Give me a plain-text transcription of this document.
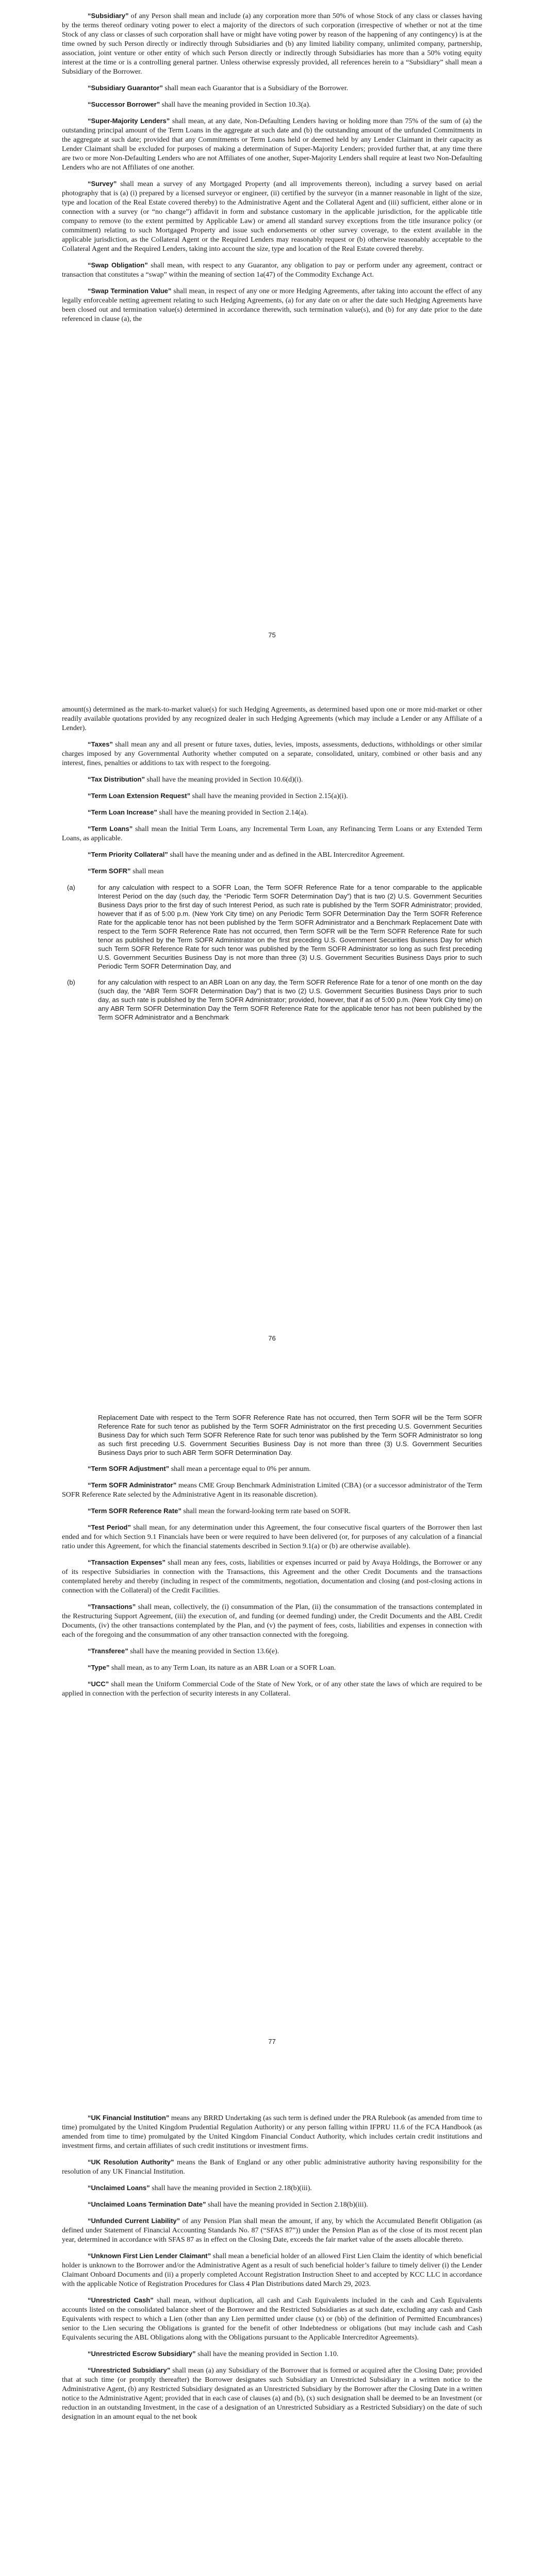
“Subsidiary” of any Person shall mean and include (a) any corporation more than 50% of whose Stock of any class or classes having by the terms thereof ordinary voting power to elect a majority of the directors of such corporation (irrespective of whether or not at the time Stock of any class or classes of such corporation shall have or might have voting power by reason of the happening of any contingency) is at the time owned by such Person directly or indirectly through Subsidiaries and (b) any limited liability company, unlimited company, partnership, association, joint venture or other entity of which such Person directly or indirectly through Subsidiaries has more than a 50% voting equity interest at the time or is a controlling general partner. Unless otherwise expressly provided, all references herein to a “Subsidiary” shall mean a Subsidiary of the Borrower.

“Subsidiary Guarantor” shall mean each Guarantor that is a Subsidiary of the Borrower.

“Successor Borrower” shall have the meaning provided in Section 10.3(a).

“Super-Majority Lenders” shall mean, at any date, Non-Defaulting Lenders having or holding more than 75% of the sum of (a) the outstanding principal amount of the Term Loans in the aggregate at such date and (b) the outstanding amount of the unfunded Commitments in the aggregate at such date; provided that any Commitments or Term Loans held or deemed held by any Lender Claimant in their capacity as Lender Claimant shall be excluded for purposes of making a determination of Super-Majority Lenders; provided further that, at any time there are two or more Non-Defaulting Lenders who are not Affiliates of one another, Super-Majority Lenders shall require at least two Non-Defaulting Lenders who are not Affiliates of one another.

“Survey” shall mean a survey of any Mortgaged Property (and all improvements thereon), including a survey based on aerial photography that is (a) (i) prepared by a licensed surveyor or engineer, (ii) certified by the surveyor (in a manner reasonable in light of the size, type and location of the Real Estate covered thereby) to the Administrative Agent and the Collateral Agent and (iii) sufficient, either alone or in connection with a survey (or “no change”) affidavit in form and substance customary in the applicable jurisdiction, for the applicable title company to remove (to the extent permitted by Applicable Law) or amend all standard survey exceptions from the title insurance policy (or commitment) relating to such Mortgaged Property and issue such endorsements or other survey coverage, to the extent available in the applicable jurisdiction, as the Collateral Agent or the Required Lenders may reasonably request or (b) otherwise reasonably acceptable to the Collateral Agent and the Required Lenders, taking into account the size, type and location of the Real Estate covered thereby.

“Swap Obligation” shall mean, with respect to any Guarantor, any obligation to pay or perform under any agreement, contract or transaction that constitutes a “swap” within the meaning of section 1a(47) of the Commodity Exchange Act.

“Swap Termination Value” shall mean, in respect of any one or more Hedging Agreements, after taking into account the effect of any legally enforceable netting agreement relating to such Hedging Agreements, (a) for any date on or after the date such Hedging Agreements have been closed out and termination value(s) determined in accordance therewith, such termination value(s), and (b) for any date prior to the date referenced in clause (a), the

75

amount(s) determined as the mark-to-market value(s) for such Hedging Agreements, as determined based upon one or more mid-market or other readily available quotations provided by any recognized dealer in such Hedging Agreements (which may include a Lender or any Affiliate of a Lender).

“Taxes” shall mean any and all present or future taxes, duties, levies, imposts, assessments, deductions, withholdings or other similar charges imposed by any Governmental Authority whether computed on a separate, consolidated, unitary, combined or other basis and any interest, fines, penalties or additions to tax with respect to the foregoing.

“Tax Distribution” shall have the meaning provided in Section 10.6(d)(i).

“Term Loan Extension Request” shall have the meaning provided in Section 2.15(a)(i).

“Term Loan Increase” shall have the meaning provided in Section 2.14(a).

“Term Loans” shall mean the Initial Term Loans, any Incremental Term Loan, any Refinancing Term Loans or any Extended Term Loans, as applicable.

“Term Priority Collateral” shall have the meaning under and as defined in the ABL Intercreditor Agreement.

“Term SOFR” shall mean

(a)	for any calculation with respect to a SOFR Loan, the Term SOFR Reference Rate for a tenor comparable to the applicable Interest Period on the day (such day, the “Periodic Term SOFR Determination Day”) that is two (2) U.S. Government Securities Business Days prior to the first day of such Interest Period, as such rate is published by the Term SOFR Administrator; provided, however that if as of 5:00 p.m. (New York City time) on any Periodic Term SOFR Determination Day the Term SOFR Reference Rate for the applicable tenor has not been published by the Term SOFR Administrator and a Benchmark Replacement Date with respect to the Term SOFR Reference Rate has not occurred, then Term SOFR will be the Term SOFR Reference Rate for such tenor as published by the Term SOFR Administrator on the first preceding U.S. Government Securities Business Day for which such Term SOFR Reference Rate for such tenor was published by the Term SOFR Administrator so long as such first preceding U.S. Government Securities Business Day is not more than three (3) U.S. Government Securities Business Days prior to such Periodic Term SOFR Determination Day, and
(b)	for any calculation with respect to an ABR Loan on any day, the Term SOFR Reference Rate for a tenor of one month on the day (such day, the “ABR Term SOFR Determination Day”) that is two (2) U.S. Government Securities Business Days prior to such day, as such rate is published by the Term SOFR Administrator; provided, however, that if as of 5:00 p.m. (New York City time) on any ABR Term SOFR Determination Day the Term SOFR Reference Rate for the applicable tenor has not been published by the Term SOFR Administrator and a Benchmark
76
Replacement Date with respect to the Term SOFR Reference Rate has not occurred, then Term SOFR will be the Term SOFR Reference Rate for such tenor as published by the Term SOFR Administrator on the first preceding U.S. Government Securities Business Day for which such Term SOFR Reference Rate for such tenor was published by the Term SOFR Administrator so long as such first preceding U.S. Government Securities Business Day is not more than three (3) U.S. Government Securities Business Days prior to such ABR Term SOFR Determination Day.

“Term SOFR Adjustment” shall mean a percentage equal to 0% per annum.

“Term SOFR Administrator” means CME Group Benchmark Administration Limited (CBA) (or a successor administrator of the Term SOFR Reference Rate selected by the Administrative Agent in its reasonable discretion).

“Term SOFR Reference Rate” shall mean the forward-looking term rate based on SOFR.

“Test Period” shall mean, for any determination under this Agreement, the four consecutive fiscal quarters of the Borrower then last ended and for which Section 9.1 Financials have been or were required to have been delivered (or, for purposes of any calculation of a financial ratio under this Agreement, for which the financial statements described in Section 9.1(a) or (b) are otherwise available).

“Transaction Expenses” shall mean any fees, costs, liabilities or expenses incurred or paid by Avaya Holdings, the Borrower or any of its respective Subsidiaries in connection with the Transactions, this Agreement and the other Credit Documents and the transactions contemplated hereby and thereby (including in respect of the commitments, negotiation, documentation and closing (and post-closing actions in connection with the Collateral) of the Credit Facilities.

“Transactions” shall mean, collectively, the (i) consummation of the Plan, (ii) the consummation of the transactions contemplated in the Restructuring Support Agreement, (iii) the execution of, and funding (or deemed funding) under, the Credit Documents and the ABL Credit Documents, (iv) the other transactions contemplated by the Plan, and (v) the payment of fees, costs, liabilities and expenses in connection with each of the foregoing and the consummation of any other transaction connected with the foregoing.

“Transferee” shall have the meaning provided in Section 13.6(e).

“Type” shall mean, as to any Term Loan, its nature as an ABR Loan or a SOFR Loan.

“UCC” shall mean the Uniform Commercial Code of the State of New York, or of any other state the laws of which are required to be applied in connection with the perfection of security interests in any Collateral.

77

“UK Financial Institution” means any BRRD Undertaking (as such term is defined under the PRA Rulebook (as amended from time to time) promulgated by the United Kingdom Prudential Regulation Authority) or any person falling within IFPRU 11.6 of the FCA Handbook (as amended from time to time) promulgated by the United Kingdom Financial Conduct Authority, which includes certain credit institutions and investment firms, and certain affiliates of such credit institutions or investment firms.

“UK Resolution Authority” means the Bank of England or any other public administrative authority having responsibility for the resolution of any UK Financial Institution.

“Unclaimed Loans” shall have the meaning provided in Section 2.18(b)(iii).

“Unclaimed Loans Termination Date” shall have the meaning provided in Section 2.18(b)(iii).

“Unfunded Current Liability” of any Pension Plan shall mean the amount, if any, by which the Accumulated Benefit Obligation (as defined under Statement of Financial Accounting Standards No. 87 (“SFAS 87”)) under the Pension Plan as of the close of its most recent plan year, determined in accordance with SFAS 87 as in effect on the Closing Date, exceeds the fair market value of the assets allocable thereto.

“Unknown First Lien Lender Claimant” shall mean a beneficial holder of an allowed First Lien Claim the identity of which beneficial holder is unknown to the Borrower and/or the Administrative Agent as a result of such beneficial holder’s failure to timely deliver (i) the Lender Claimant Onboard Documents and (ii) a properly completed Account Registration Instruction Sheet to and accepted by KCC LLC in accordance with the applicable Notice of Registration Procedures for Class 4 Plan Distributions dated March 29, 2023.

“Unrestricted Cash” shall mean, without duplication, all cash and Cash Equivalents included in the cash and Cash Equivalents accounts listed on the consolidated balance sheet of the Borrower and the Restricted Subsidiaries as at such date, excluding any cash and Cash Equivalents with respect to which a Lien (other than any Lien permitted under clause (x) or (bb) of the definition of Permitted Encumbrances) senior to the Lien securing the Obligations is granted for the benefit of other Indebtedness or obligations (but may include cash and Cash Equivalents securing the ABL Obligations along with the Obligations pursuant to the Applicable Intercreditor Agreements).

“Unrestricted Escrow Subsidiary” shall have the meaning provided in Section 1.10.

“Unrestricted Subsidiary” shall mean (a) any Subsidiary of the Borrower that is formed or acquired after the Closing Date; provided that at such time (or promptly thereafter) the Borrower designates such Subsidiary an Unrestricted Subsidiary in a written notice to the Administrative Agent, (b) any Restricted Subsidiary designated as an Unrestricted Subsidiary by the Borrower after the Closing Date in a written notice to the Administrative Agent; provided that in each case of clauses (a) and (b), (x) such designation shall be deemed to be an Investment (or reduction in an outstanding Investment, in the case of a designation of an Unrestricted Subsidiary as a Restricted Subsidiary) on the date of such designation in an amount equal to the net book
